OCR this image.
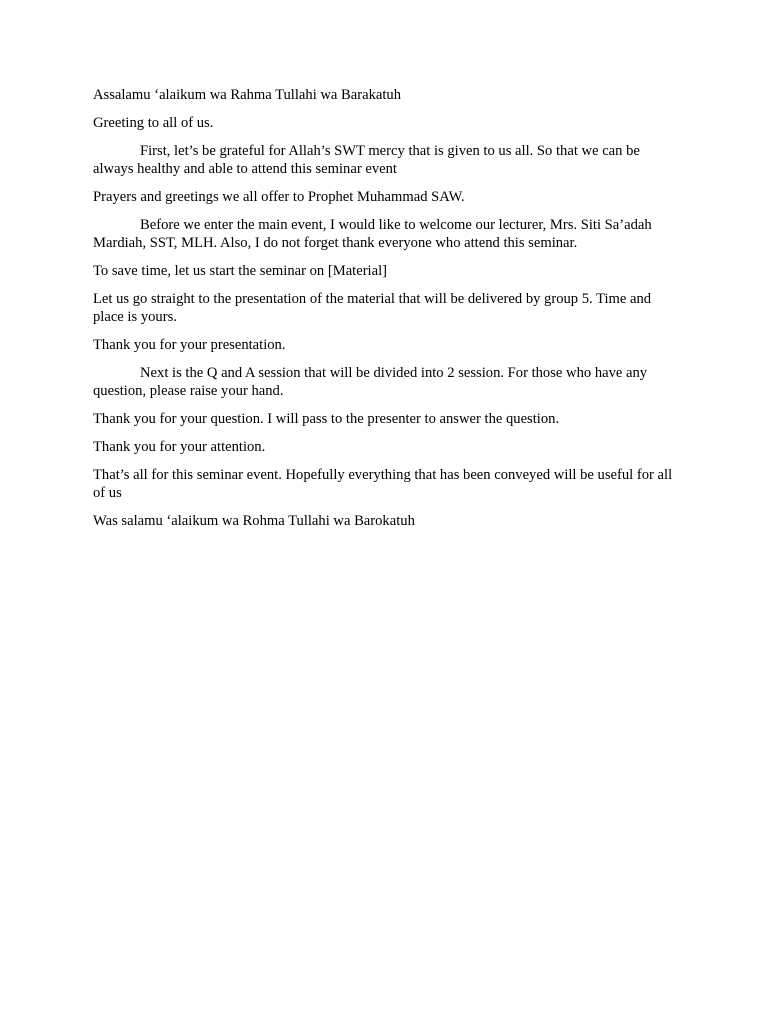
Assalamu ‘alaikum wa Rahma Tullahi wa Barakatuh

Greeting to all of us.

First, let’s be grateful for Allah’s SWT mercy that is given to us all. So that we can be always healthy and able to attend this seminar event

Prayers and greetings we all offer to Prophet Muhammad SAW.

Before we enter the main event, I would like to welcome our lecturer, Mrs. Siti Sa’adah Mardiah, SST, MLH. Also, I do not forget thank everyone who attend this seminar.

To save time, let us start the seminar on [Material]

Let us go straight to the presentation of the material that will be delivered by group 5. Time and place is yours.

Thank you for your presentation.

Next is the Q and A session that will be divided into 2 session. For those who have any question, please raise your hand.

Thank you for your question. I will pass to the presenter to answer the question.

Thank you for your attention.

That’s all for this seminar event. Hopefully everything that has been conveyed will be useful for all of us

Was salamu ‘alaikum wa Rohma Tullahi wa Barokatuh
